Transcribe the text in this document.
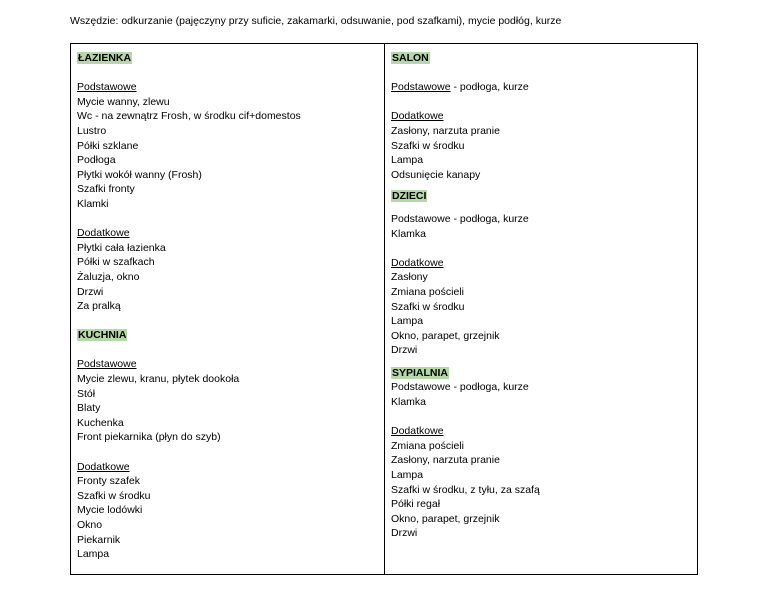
Wszędzie: odkurzanie (pajęczyny przy suficie, zakamarki, odsuwanie, pod szafkami), mycie podłóg, kurze
ŁAZIENKA
Podstawowe
Mycie wanny, zlewu
Wc - na zewnątrz Frosh, w środku cif+domestos
Lustro
Półki szklane
Podłoga
Płytki wokół wanny (Frosh)
Szafki fronty
Klamki
Dodatkowe
Płytki cała łazienka
Półki w szafkach
Żaluzja, okno
Drzwi
Za pralką
KUCHNIA
Podstawowe
Mycie zlewu, kranu, płytek dookoła
Stół
Blaty
Kuchenka
Front piekarnika (płyn do szyb)
Dodatkowe
Fronty szafek
Szafki w środku
Mycie lodówki
Okno
Piekarnik
Lampa
SALON
Podstawowe - podłoga, kurze
Dodatkowe
Zasłony, narzuta pranie
Szafki w środku
Lampa
Odsunięcie kanapy
DZIECI
Podstawowe - podłoga, kurze
Klamka
Dodatkowe
Zasłony
Zmiana pościeli
Szafki w środku
Lampa
Okno, parapet, grzejnik
Drzwi
SYPIALNIA
Podstawowe - podłoga, kurze
Klamka
Dodatkowe
Zmiana pościeli
Zasłony, narzuta pranie
Lampa
Szafki w środku, z tyłu, za szafą
Półki regał
Okno, parapet, grzejnik
Drzwi
